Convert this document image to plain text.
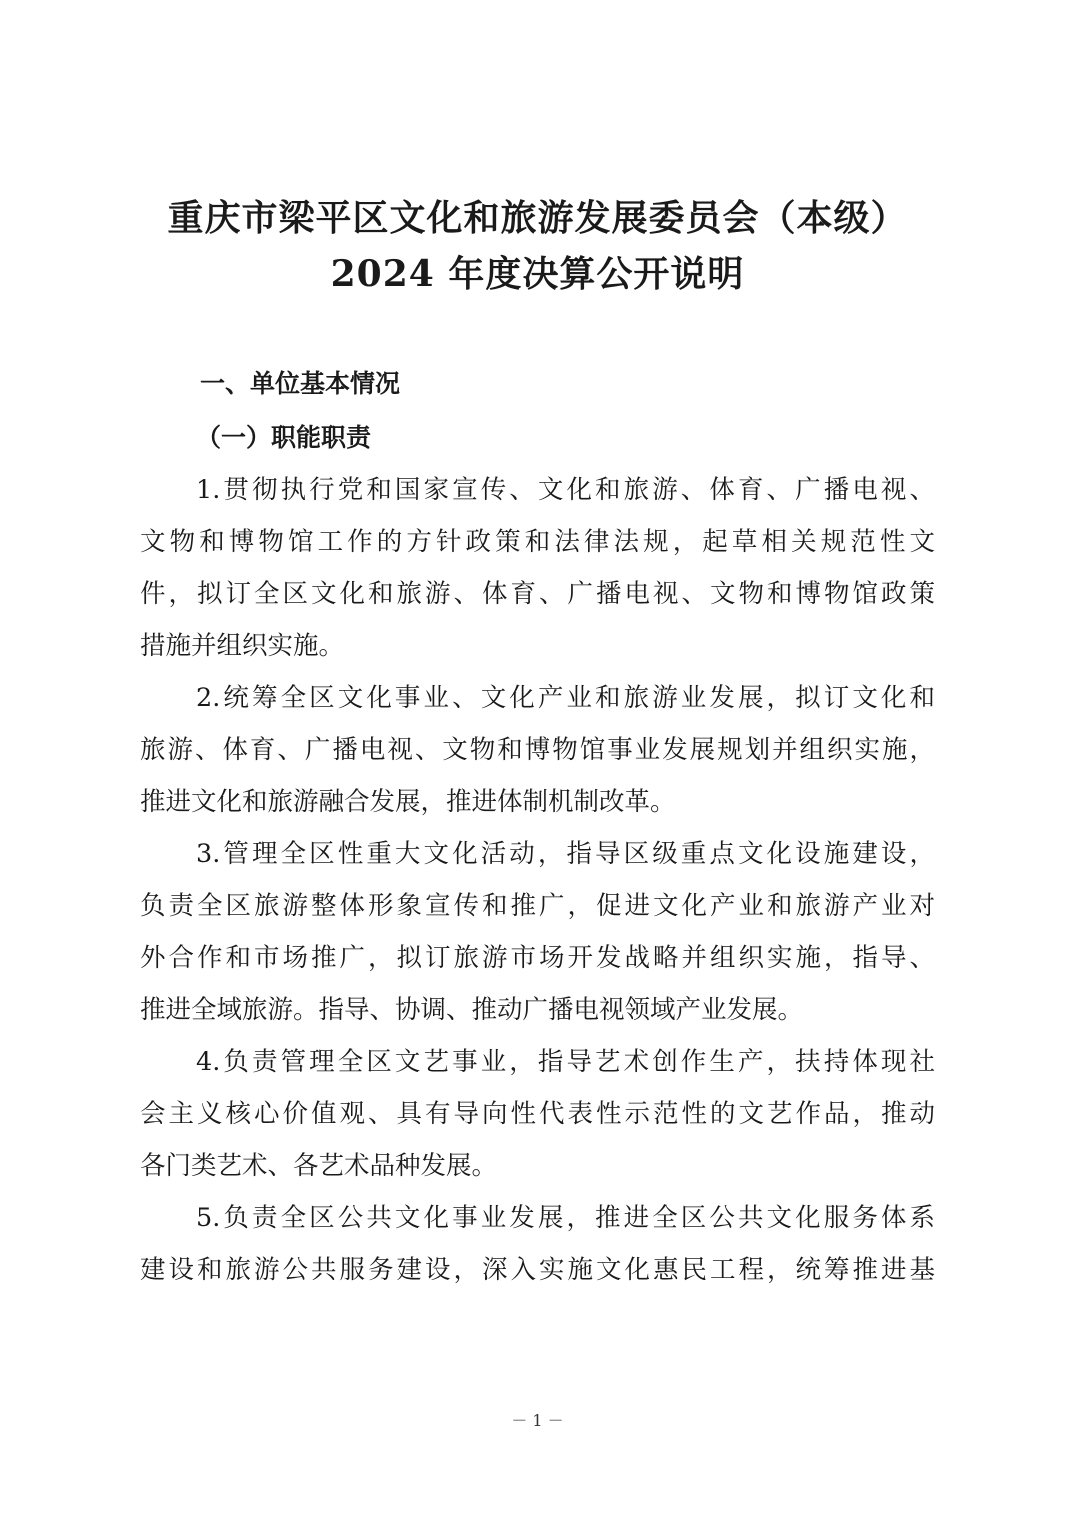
重庆市梁平区文化和旅游发展委员会（本级）
2024 年度决算公开说明
一、单位基本情况
（一）职能职责
1.贯彻执行党和国家宣传、文化和旅游、体育、广播电视、
文物和博物馆工作的方针政策和法律法规，起草相关规范性文
件，拟订全区文化和旅游、体育、广播电视、文物和博物馆政策
措施并组织实施。
2.统筹全区文化事业、文化产业和旅游业发展，拟订文化和
旅游、体育、广播电视、文物和博物馆事业发展规划并组织实施，
推进文化和旅游融合发展，推进体制机制改革。
3.管理全区性重大文化活动，指导区级重点文化设施建设，
负责全区旅游整体形象宣传和推广，促进文化产业和旅游产业对
外合作和市场推广，拟订旅游市场开发战略并组织实施，指导、
推进全域旅游。指导、协调、推动广播电视领域产业发展。
4.负责管理全区文艺事业，指导艺术创作生产，扶持体现社
会主义核心价值观、具有导向性代表性示范性的文艺作品，推动
各门类艺术、各艺术品种发展。
5.负责全区公共文化事业发展，推进全区公共文化服务体系
建设和旅游公共服务建设，深入实施文化惠民工程，统筹推进基
－ 1 －
